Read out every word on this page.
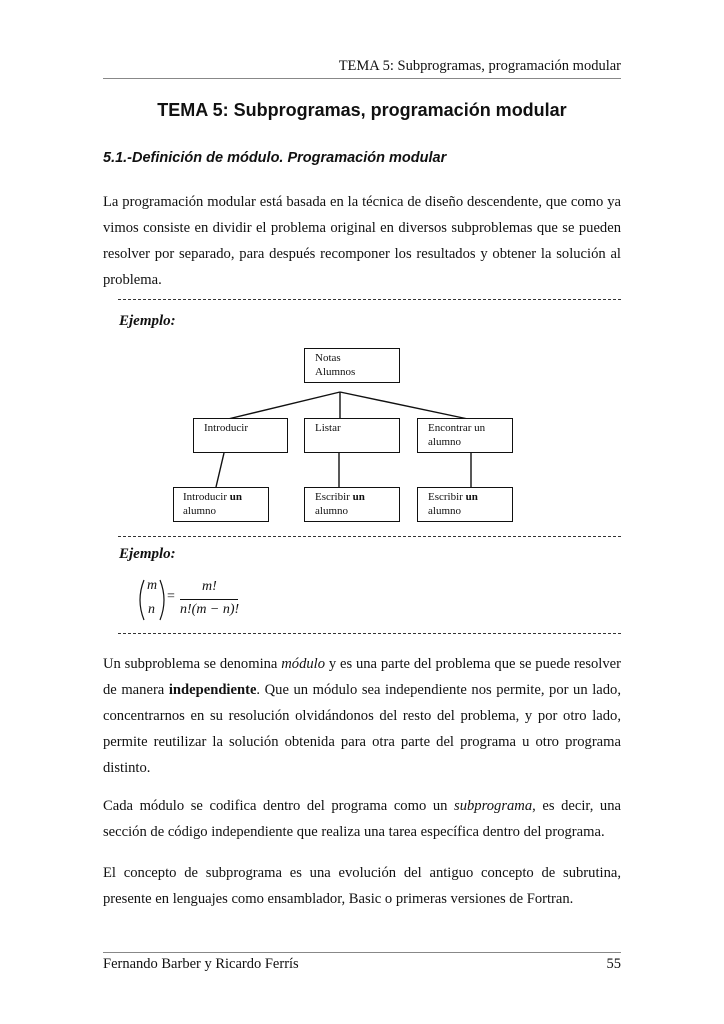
TEMA 5: Subprogramas, programación modular
TEMA 5: Subprogramas, programación modular
5.1.-Definición de módulo. Programación modular
La programación modular está basada en la técnica de diseño descendente, que como ya vimos consiste en dividir el problema original en diversos subproblemas que se pueden resolver por separado, para después recomponer los resultados y obtener la solución al problema.
Ejemplo:
Notas
Alumnos
Introducir	Listar	Encontrar un
alumno
Introducir un
alumno
Escribir un
alumno
Escribir un
alumno
Ejemplo:
m
n
=
m!
n!(m − n)!
Un subproblema se denomina módulo y es una parte del problema que se puede resolver de manera independiente. Que un módulo sea independiente nos permite, por un lado, concentrarnos en su resolución olvidándonos del resto del problema, y por otro lado, permite reutilizar la solución obtenida para otra parte del programa u otro programa distinto.
Cada módulo se codifica dentro del programa como un subprograma, es decir, una sección de código independiente que realiza una tarea específica dentro del programa.
El concepto de subprograma es una evolución del antiguo concepto de subrutina, presente en lenguajes como ensamblador, Basic o primeras versiones de Fortran.
Fernando Barber y Ricardo Ferrís	55
